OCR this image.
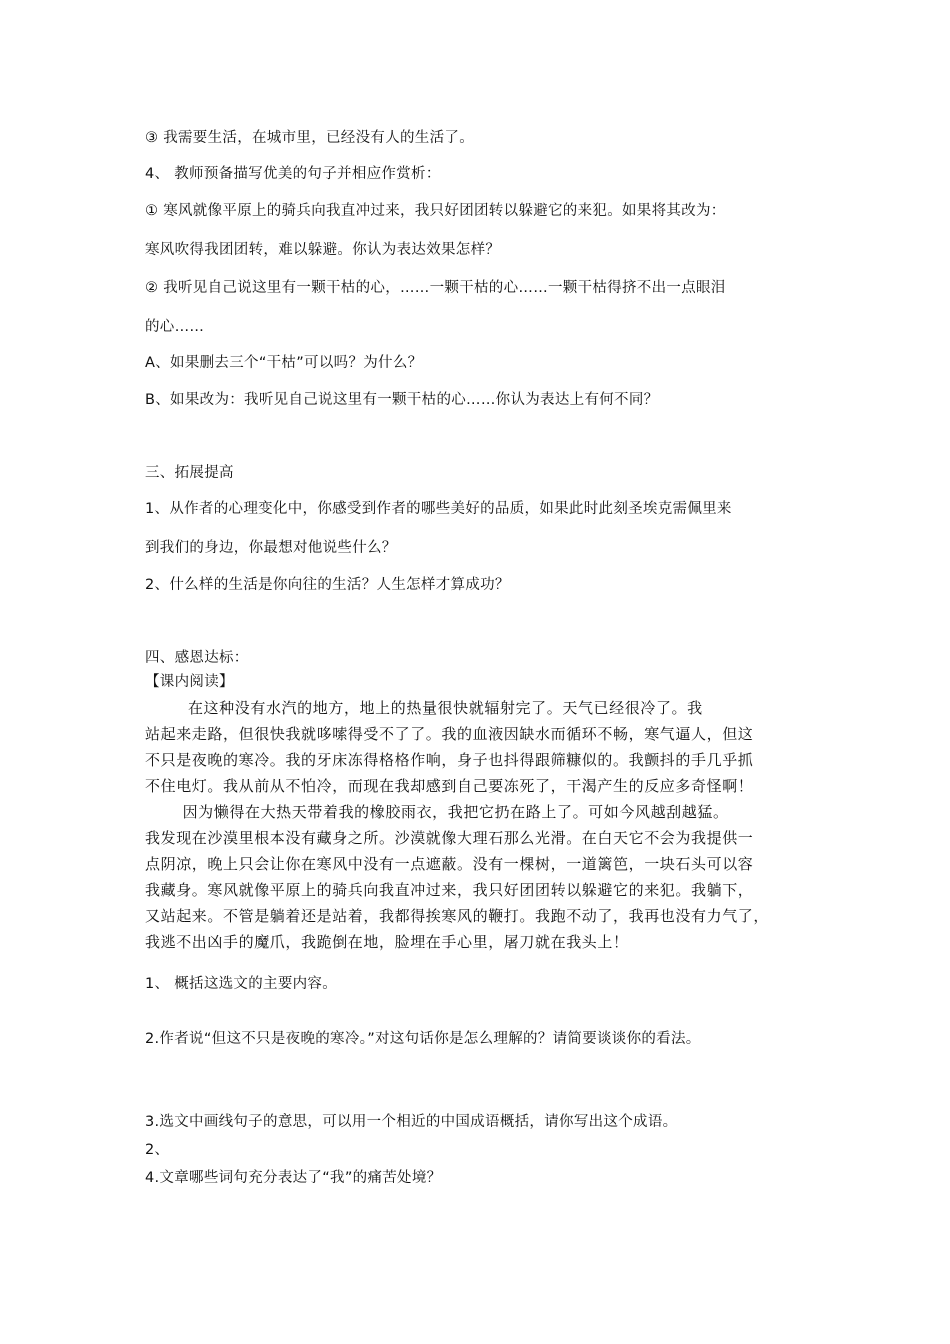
③ 我需要生活，在城市里，已经没有人的生活了。
4、 教师预备描写优美的句子并相应作赏析：
① 寒风就像平原上的骑兵向我直冲过来，我只好团团转以躲避它的来犯。如果将其改为：
寒风吹得我团团转，难以躲避。你认为表达效果怎样？
② 我听见自己说这里有一颗干枯的心，……一颗干枯的心……一颗干枯得挤不出一点眼泪
的心……
A、如果删去三个“干枯”可以吗？为什么？
B、如果改为：我听见自己说这里有一颗干枯的心……你认为表达上有何不同？
三、拓展提高
1、从作者的心理变化中，你感受到作者的哪些美好的品质，如果此时此刻圣埃克需佩里来
到我们的身边，你最想对他说些什么？
2、什么样的生活是你向往的生活？人生怎样才算成功？
四、感恩达标：
【课内阅读】

在这种没有水汽的地方，地上的热量很快就辐射完了。天气已经很冷了。我

站起来走路，但很快我就哆嗦得受不了了。我的血液因缺水而循环不畅，寒气逼人，但这

不只是夜晚的寒冷。我的牙床冻得格格作响，身子也抖得跟筛糠似的。我颤抖的手几乎抓

不住电灯。我从前从不怕冷，而现在我却感到自己要冻死了，干渴产生的反应多奇怪啊！

因为懒得在大热天带着我的橡胶雨衣，我把它扔在路上了。可如今风越刮越猛。

我发现在沙漠里根本没有藏身之所。沙漠就像大理石那么光滑。在白天它不会为我提供一

点阴凉，晚上只会让你在寒风中没有一点遮蔽。没有一棵树，一道篱笆，一块石头可以容

我藏身。寒风就像平原上的骑兵向我直冲过来，我只好团团转以躲避它的来犯。我躺下，

又站起来。不管是躺着还是站着，我都得挨寒风的鞭打。我跑不动了，我再也没有力气了，

我逃不出凶手的魔爪，我跪倒在地，脸埋在手心里，屠刀就在我头上！

1、 概括这选文的主要内容。
2.作者说“但这不只是夜晚的寒冷。”对这句话你是怎么理解的？请简要谈谈你的看法。
3.选文中画线句子的意思，可以用一个相近的中国成语概括，请你写出这个成语。
2、
4.文章哪些词句充分表达了“我”的痛苦处境？
